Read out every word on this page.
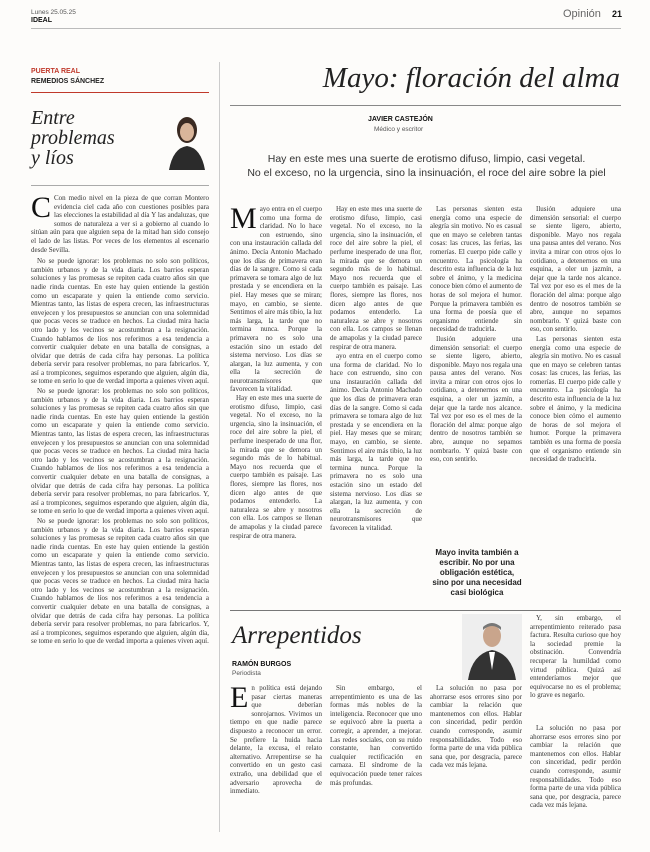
Lunes 25.05.25
IDEAL
Opinión 21
PUERTA REAL
REMEDIOS SÁNCHEZ
Entre
problemas
y líos
C Con medio nivel en la pieza de que corran Montero evidencia ciel cada año con cuestiones posibles para las elecciones la estabilidad al día Y las andaluzas, que somos de naturaleza a ver si a gobierno al cuando lo sitúan aún para que alguien sepa de la mitad han sido consejo el lado de las listas. Por veces de los elementos al escenario desde Sevilla.

No se puede ignorar: los problemas no solo son políticos, también urbanos y de la vida diaria. Los barrios esperan soluciones y las promesas se repiten cada cuatro años sin que nadie rinda cuentas. En este hay quien entiende la gestión como un escaparate y quien la entiende como servicio. Mientras tanto, las listas de espera crecen, las infraestructuras envejecen y los presupuestos se anuncian con una solemnidad que pocas veces se traduce en hechos. La ciudad mira hacia otro lado y los vecinos se acostumbran a la resignación. Cuando hablamos de líos nos referimos a esa tendencia a convertir cualquier debate en una batalla de consignas, a olvidar que detrás de cada cifra hay personas. La política debería servir para resolver problemas, no para fabricarlos. Y, así a trompicones, seguimos esperando que alguien, algún día, se tome en serio lo que de verdad importa a quienes viven aquí.

No se puede ignorar: los problemas no solo son políticos, también urbanos y de la vida diaria. Los barrios esperan soluciones y las promesas se repiten cada cuatro años sin que nadie rinda cuentas. En este hay quien entiende la gestión como un escaparate y quien la entiende como servicio. Mientras tanto, las listas de espera crecen, las infraestructuras envejecen y los presupuestos se anuncian con una solemnidad que pocas veces se traduce en hechos. La ciudad mira hacia otro lado y los vecinos se acostumbran a la resignación. Cuando hablamos de líos nos referimos a esa tendencia a convertir cualquier debate en una batalla de consignas, a olvidar que detrás de cada cifra hay personas. La política debería servir para resolver problemas, no para fabricarlos. Y, así a trompicones, seguimos esperando que alguien, algún día, se tome en serio lo que de verdad importa a quienes viven aquí.

No se puede ignorar: los problemas no solo son políticos, también urbanos y de la vida diaria. Los barrios esperan soluciones y las promesas se repiten cada cuatro años sin que nadie rinda cuentas. En este hay quien entiende la gestión como un escaparate y quien la entiende como servicio. Mientras tanto, las listas de espera crecen, las infraestructuras envejecen y los presupuestos se anuncian con una solemnidad que pocas veces se traduce en hechos. La ciudad mira hacia otro lado y los vecinos se acostumbran a la resignación. Cuando hablamos de líos nos referimos a esa tendencia a convertir cualquier debate en una batalla de consignas, a olvidar que detrás de cada cifra hay personas. La política debería servir para resolver problemas, no para fabricarlos. Y, así a trompicones, seguimos esperando que alguien, algún día, se tome en serio lo que de verdad importa a quienes viven aquí.

Mayo: floración del alma
JAVIER CASTEJÓN
Médico y escritor
Hay en este mes una suerte de erotismo difuso, limpio, casi vegetal.
No el exceso, no la urgencia, sino la insinuación, el roce del aire sobre la piel
M ayo entra en el cuerpo como una forma de claridad. No lo hace con estruendo, sino con una instauración callada del ánimo. Decía Antonio Machado que los días de primavera eran días de la sangre. Como si cada primavera se tomara algo de luz prestada y se encendiera en la piel. Hay meses que se miran; mayo, en cambio, se siente. Sentimos el aire más tibio, la luz más larga, la tarde que no termina nunca. Porque la primavera no es solo una estación sino un estado del sistema nervioso. Los días se alargan, la luz aumenta, y con ella la secreción de neurotransmisores que favorecen la vitalidad.

Hay en este mes una suerte de erotismo difuso, limpio, casi vegetal. No el exceso, no la urgencia, sino la insinuación, el roce del aire sobre la piel, el perfume inesperado de una flor, la mirada que se demora un segundo más de lo habitual. Mayo nos recuerda que el cuerpo también es paisaje. Las flores, siempre las flores, nos dicen algo antes de que podamos entenderlo. La naturaleza se abre y nosotros con ella. Los campos se llenan de amapolas y la ciudad parece respirar de otra manera.

Hay en este mes una suerte de erotismo difuso, limpio, casi vegetal. No el exceso, no la urgencia, sino la insinuación, el roce del aire sobre la piel, el perfume inesperado de una flor, la mirada que se demora un segundo más de lo habitual. Mayo nos recuerda que el cuerpo también es paisaje. Las flores, siempre las flores, nos dicen algo antes de que podamos entenderlo. La naturaleza se abre y nosotros con ella. Los campos se llenan de amapolas y la ciudad parece respirar de otra manera.

ayo entra en el cuerpo como una forma de claridad. No lo hace con estruendo, sino con una instauración callada del ánimo. Decía Antonio Machado que los días de primavera eran días de la sangre. Como si cada primavera se tomara algo de luz prestada y se encendiera en la piel. Hay meses que se miran; mayo, en cambio, se siente. Sentimos el aire más tibio, la luz más larga, la tarde que no termina nunca. Porque la primavera no es solo una estación sino un estado del sistema nervioso. Los días se alargan, la luz aumenta, y con ella la secreción de neurotransmisores que favorecen la vitalidad.

Las personas sienten esta energía como una especie de alegría sin motivo. No es casual que en mayo se celebren tantas cosas: las cruces, las ferias, las romerías. El cuerpo pide calle y encuentro. La psicología ha descrito esta influencia de la luz sobre el ánimo, y la medicina conoce bien cómo el aumento de horas de sol mejora el humor. Porque la primavera también es una forma de poesía que el organismo entiende sin necesidad de traducirla.

Ilusión adquiere una dimensión sensorial: el cuerpo se siente ligero, abierto, disponible. Mayo nos regala una pausa antes del verano. Nos invita a mirar con otros ojos lo cotidiano, a detenernos en una esquina, a oler un jazmín, a dejar que la tarde nos alcance. Tal vez por eso es el mes de la floración del alma: porque algo dentro de nosotros también se abre, aunque no sepamos nombrarlo. Y quizá baste con eso, con sentirlo.

Mayo invita también a escribir. No por una obligación estética, sino por una necesidad casi biológica

Ilusión adquiere una dimensión sensorial: el cuerpo se siente ligero, abierto, disponible. Mayo nos regala una pausa antes del verano. Nos invita a mirar con otros ojos lo cotidiano, a detenernos en una esquina, a oler un jazmín, a dejar que la tarde nos alcance. Tal vez por eso es el mes de la floración del alma: porque algo dentro de nosotros también se abre, aunque no sepamos nombrarlo. Y quizá baste con eso, con sentirlo.

Las personas sienten esta energía como una especie de alegría sin motivo. No es casual que en mayo se celebren tantas cosas: las cruces, las ferias, las romerías. El cuerpo pide calle y encuentro. La psicología ha descrito esta influencia de la luz sobre el ánimo, y la medicina conoce bien cómo el aumento de horas de sol mejora el humor. Porque la primavera también es una forma de poesía que el organismo entiende sin necesidad de traducirla.

Arrepentidos
RAMÓN BURGOS
Periodista
E n política está dejando pasar ciertas maneras que deberían sonrojarnos. Vivimos un tiempo en que nadie parece dispuesto a reconocer un error. Se prefiere la huida hacia delante, la excusa, el relato alternativo. Arrepentirse se ha convertido en un gesto casi extraño, una debilidad que el adversario aprovecha de inmediato.

Sin embargo, el arrepentimiento es una de las formas más nobles de la inteligencia. Reconocer que uno se equivocó abre la puerta a corregir, a aprender, a mejorar. Las redes sociales, con su ruido constante, han convertido cualquier rectificación en carnaza. El síndrome de la equivocación puede tener raíces más profundas.

Y, sin embargo, el arrepentimiento reiterado pasa factura. Resulta curioso que hoy la sociedad premie la obstinación. Convendría recuperar la humildad como virtud pública. Quizá así entenderíamos mejor que equivocarse no es el problema; lo grave es negarlo.

La solución no pasa por ahorrarse esos errores sino por cambiar la relación que mantenemos con ellos. Hablar con sinceridad, pedir perdón cuando corresponde, asumir responsabilidades. Todo eso forma parte de una vida pública sana que, por desgracia, parece cada vez más lejana.

La solución no pasa por ahorrarse esos errores sino por cambiar la relación que mantenemos con ellos. Hablar con sinceridad, pedir perdón cuando corresponde, asumir responsabilidades. Todo eso forma parte de una vida pública sana que, por desgracia, parece cada vez más lejana.
